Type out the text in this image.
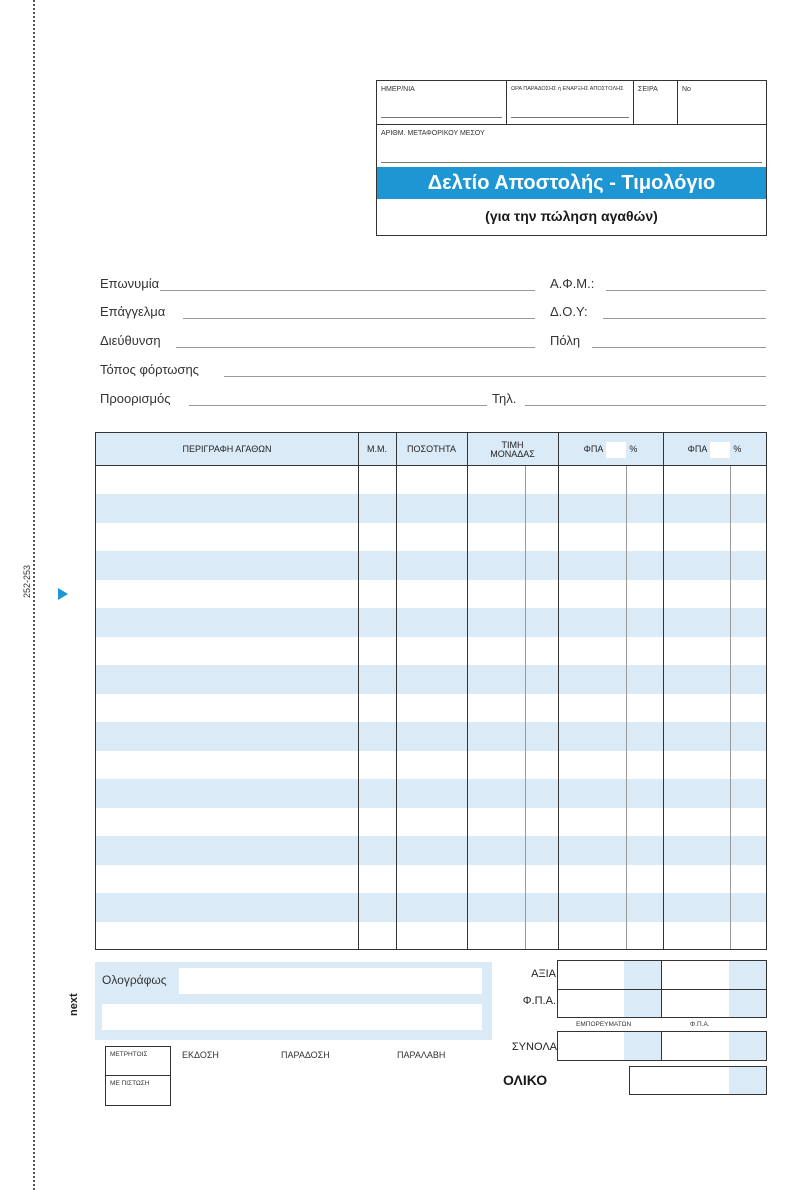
252-253
next
ΗΜΕΡ/ΝΙΑ	ΩΡΑ ΠΑΡΑΔΟΣΗΣ ή ΕΝΑΡΞΗΣ ΑΠΟΣΤΟΛΗΣ	ΣΕΙΡΑ	No
ΑΡΙΘΜ. ΜΕΤΑΦΟΡΙΚΟΥ ΜΕΣΟΥ
Δελτίο Αποστολής - Τιμολόγιο
(για την πώληση αγαθών)
Επωνυμία	Α.Φ.Μ.:
Επάγγελμα	Δ.Ο.Υ:
Διεύθυνση	Πόλη
Τόπος φόρτωσης
Προορισμός	Τηλ.
ΠΕΡΙΓΡΑΦΗ ΑΓΑΘΩΝ	Μ.Μ.	ΠΟΣΟΤΗΤΑ	ΤΙΜΗ
ΜΟΝΑΔΑΣ	ΦΠΑ	%	ΦΠΑ	%
Ολογράφως	ΑΞΙΑ
Φ.Π.Α.
ΕΜΠΟΡΕΥΜΑΤΩΝ	Φ.Π.Α.
ΣΥΝΟΛΑ
ΟΛΙΚΟ
ΜΕΤΡΗΤΟΙΣ
ΜΕ ΠΙΣΤΩΣΗ
ΕΚΔΟΣΗ	ΠΑΡΑΔΟΣΗ	ΠΑΡΑΛΑΒΗ
